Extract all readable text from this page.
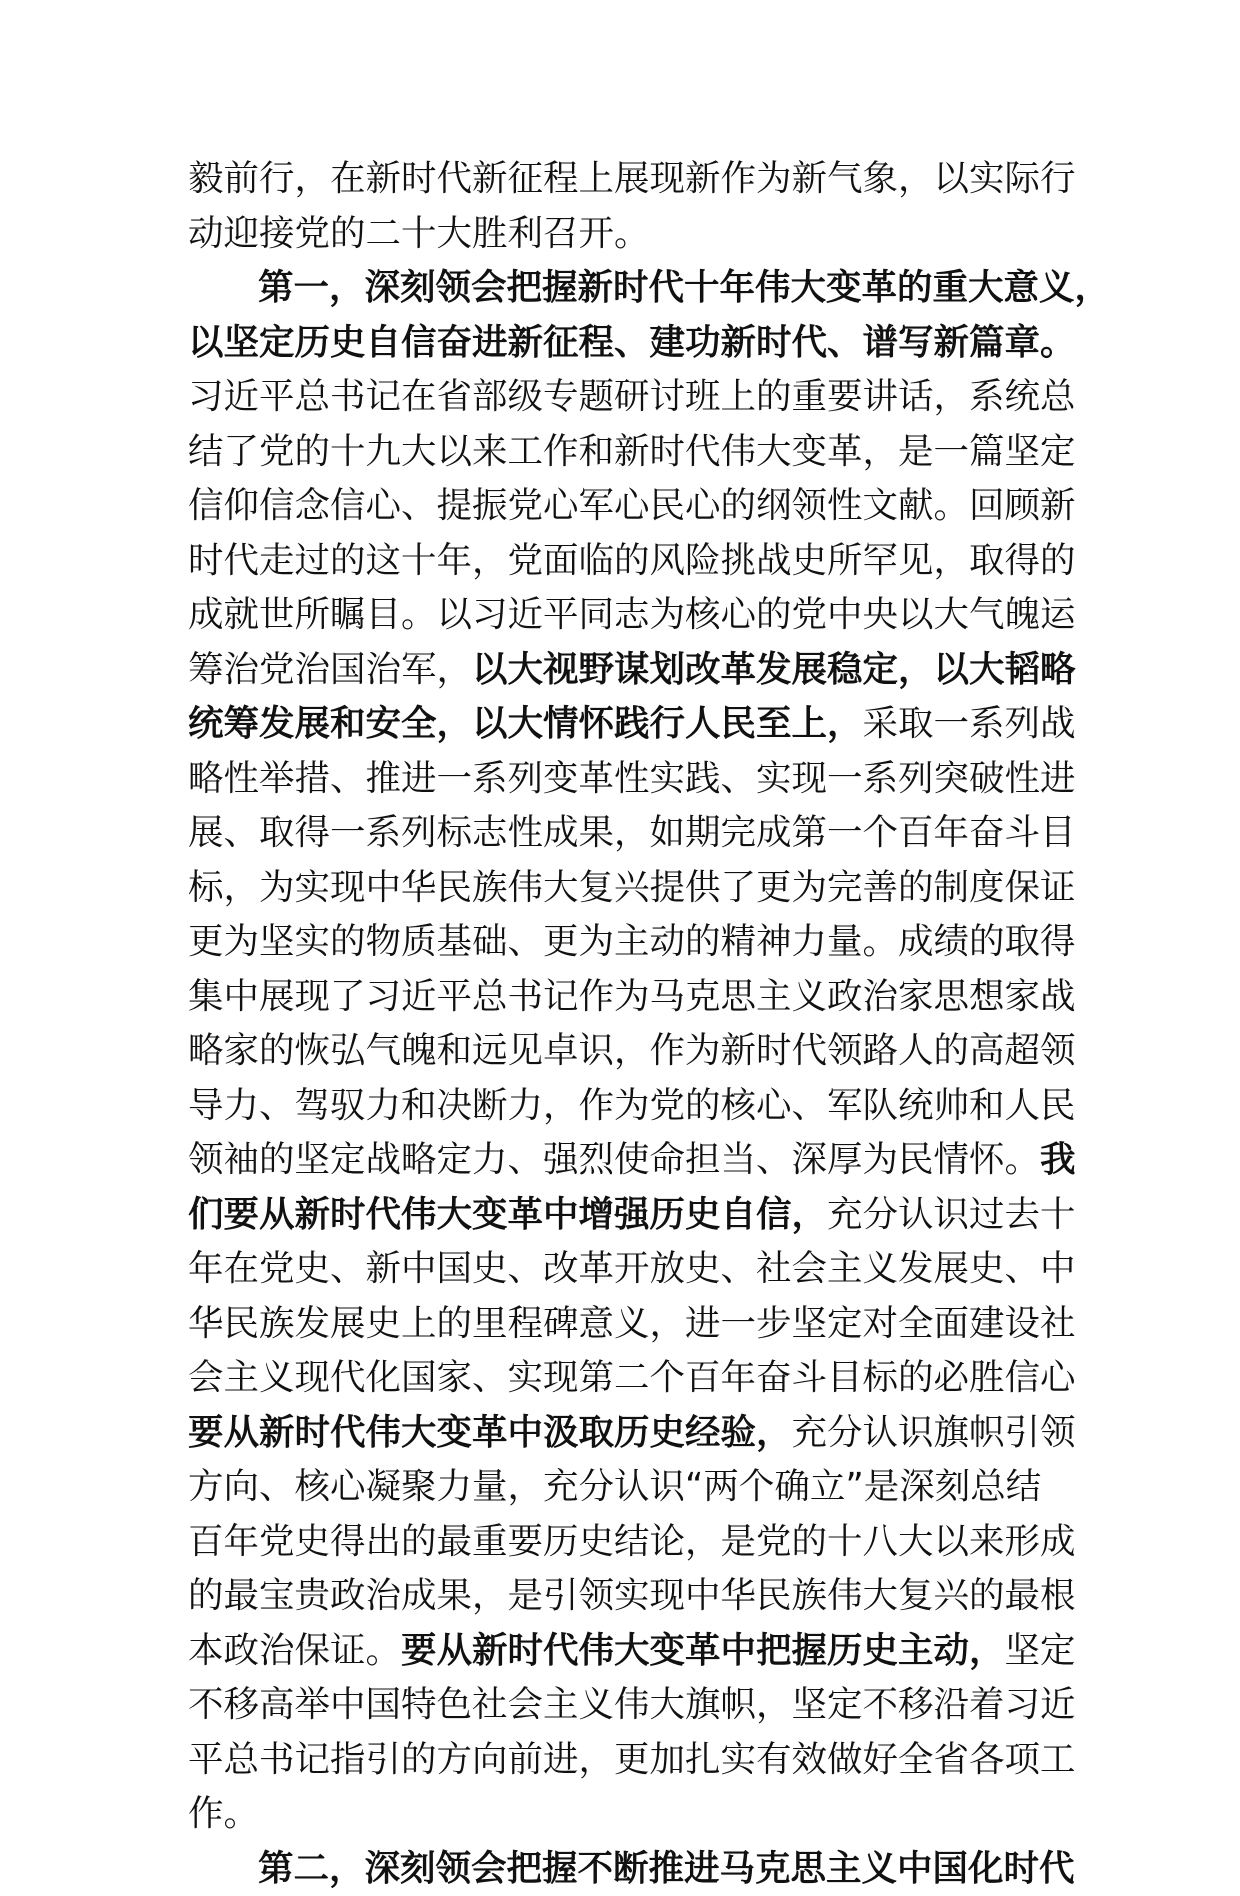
毅前行，在新时代新征程上展现新作为新气象，以实际行
动迎接党的二十大胜利召开。
第一，深刻领会把握新时代十年伟大变革的重大意义，
以坚定历史自信奋进新征程、建功新时代、谱写新篇章。
习近平总书记在省部级专题研讨班上的重要讲话，系统总
结了党的十九大以来工作和新时代伟大变革，是一篇坚定
信仰信念信心、提振党心军心民心的纲领性文献。回顾新
时代走过的这十年，党面临的风险挑战史所罕见，取得的
成就世所瞩目。以习近平同志为核心的党中央以大气魄运
筹治党治国治军，以大视野谋划改革发展稳定，以大韬略
统筹发展和安全，以大情怀践行人民至上，采取一系列战
略性举措、推进一系列变革性实践、实现一系列突破性进
展、取得一系列标志性成果，如期完成第一个百年奋斗目
标，为实现中华民族伟大复兴提供了更为完善的制度保证
更为坚实的物质基础、更为主动的精神力量。成绩的取得
集中展现了习近平总书记作为马克思主义政治家思想家战
略家的恢弘气魄和远见卓识，作为新时代领路人的高超领
导力、驾驭力和决断力，作为党的核心、军队统帅和人民
领袖的坚定战略定力、强烈使命担当、深厚为民情怀。我
们要从新时代伟大变革中增强历史自信，充分认识过去十
年在党史、新中国史、改革开放史、社会主义发展史、中
华民族发展史上的里程碑意义，进一步坚定对全面建设社
会主义现代化国家、实现第二个百年奋斗目标的必胜信心
要从新时代伟大变革中汲取历史经验，充分认识旗帜引领
方向、核心凝聚力量，充分认识“两个确立”是深刻总结
百年党史得出的最重要历史结论，是党的十八大以来形成
的最宝贵政治成果，是引领实现中华民族伟大复兴的最根
本政治保证。要从新时代伟大变革中把握历史主动，坚定
不移高举中国特色社会主义伟大旗帜，坚定不移沿着习近
平总书记指引的方向前进，更加扎实有效做好全省各项工
作。
第二，深刻领会把握不断推进马克思主义中国化时代
